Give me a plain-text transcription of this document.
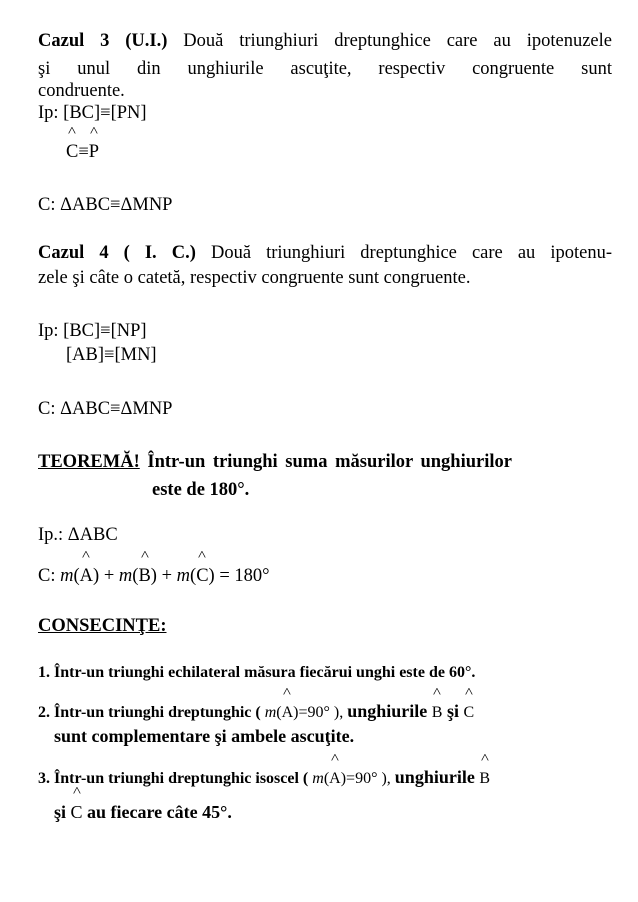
Cazul 3 (U.I.) Două triunghiuri dreptunghice care au ipotenuzele
şi unul din unghiurile ascuţite, respectiv congruente sunt
condruente.
Ip: [BC]≡[PN]
^ C≡^ P
C: ΔABC≡ΔMNP
Cazul 4 ( I. C.) Două triunghiuri dreptunghice care au ipotenu-
zele şi câte o catetă, respectiv congruente sunt congruente.
Ip: [BC]≡[NP]
[AB]≡[MN]
C: ΔABC≡ΔMNP
TEOREMĂ! Într-un triunghi suma măsurilor unghiurilor
este de 180°.
Ip.: ΔABC
C: m(^ A) + m(^ B) + m(^ C) = 180°
CONSECINŢE:
1. Într-un triunghi echilateral măsura fiecărui unghi este de 60°.
2. Într-un triunghi dreptunghic ( m(^ A)=90° ), unghiurile ^ B şi ^ C
sunt complementare şi ambele ascuţite.
3. Într-un triunghi dreptunghic isoscel ( m(^ A)=90° ), unghiurile ^ B
şi ^ C au fiecare câte 45°.
